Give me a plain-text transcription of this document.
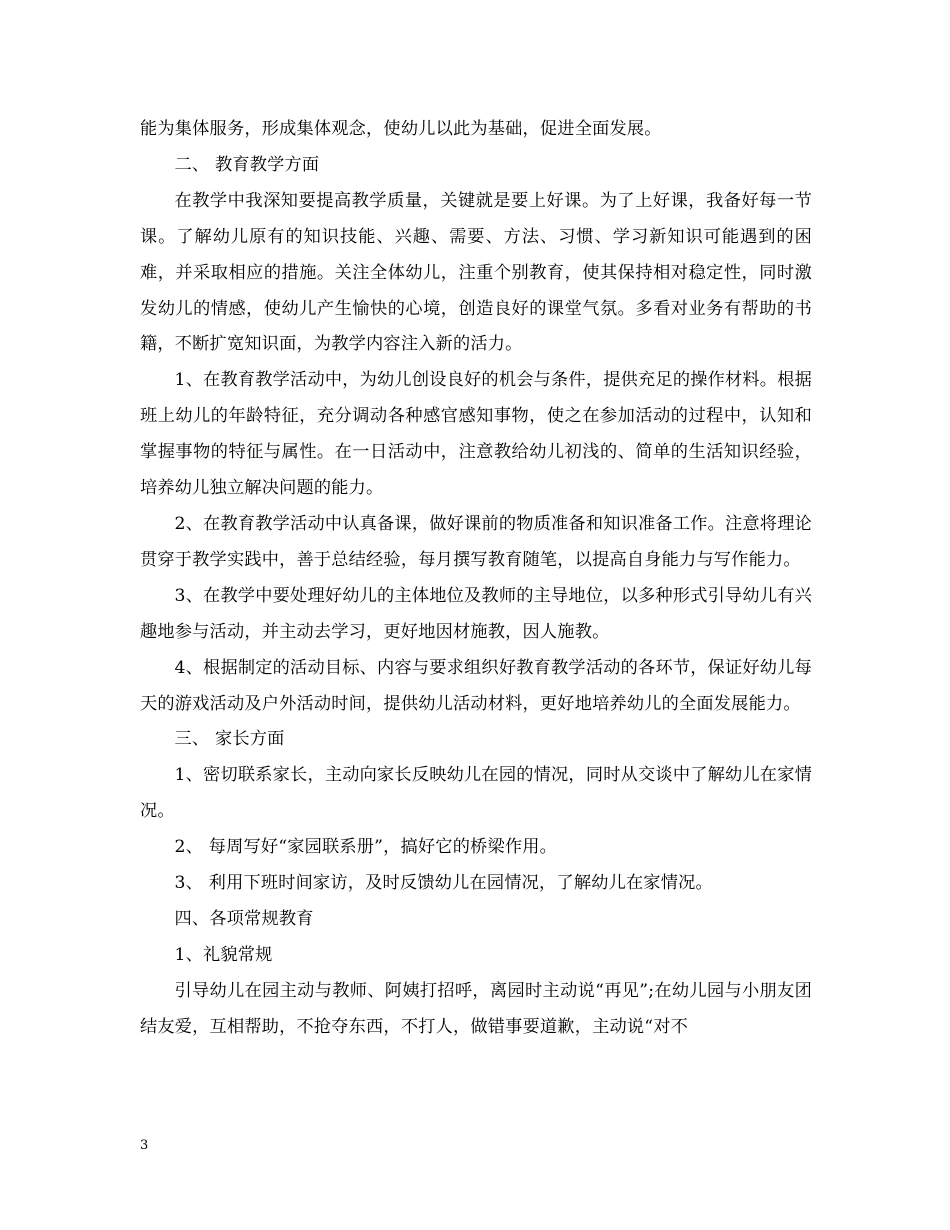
能为集体服务，形成集体观念，使幼儿以此为基础，促进全面发展。

二、 教育教学方面

在教学中我深知要提高教学质量，关键就是要上好课。为了上好课，我备好每一节课。了解幼儿原有的知识技能、兴趣、需要、方法、习惯、学习新知识可能遇到的困难，并采取相应的措施。关注全体幼儿，注重个别教育，使其保持相对稳定性，同时激发幼儿的情感，使幼儿产生愉快的心境，创造良好的课堂气氛。多看对业务有帮助的书籍，不断扩宽知识面，为教学内容注入新的活力。

1、在教育教学活动中，为幼儿创设良好的机会与条件，提供充足的操作材料。根据班上幼儿的年龄特征，充分调动各种感官感知事物，使之在参加活动的过程中，认知和掌握事物的特征与属性。在一日活动中，注意教给幼儿初浅的、简单的生活知识经验，培养幼儿独立解决问题的能力。

2、在教育教学活动中认真备课，做好课前的物质准备和知识准备工作。注意将理论贯穿于教学实践中，善于总结经验，每月撰写教育随笔，以提高自身能力与写作能力。

3、在教学中要处理好幼儿的主体地位及教师的主导地位，以多种形式引导幼儿有兴趣地参与活动，并主动去学习，更好地因材施教，因人施教。

4、根据制定的活动目标、内容与要求组织好教育教学活动的各环节，保证好幼儿每天的游戏活动及户外活动时间，提供幼儿活动材料，更好地培养幼儿的全面发展能力。

三、 家长方面

1、密切联系家长，主动向家长反映幼儿在园的情况，同时从交谈中了解幼儿在家情况。

2、 每周写好“家园联系册”，搞好它的桥梁作用。

3、 利用下班时间家访，及时反馈幼儿在园情况，了解幼儿在家情况。

四、各项常规教育

1、礼貌常规

引导幼儿在园主动与教师、阿姨打招呼，离园时主动说“再见”;在幼儿园与小朋友团结友爱，互相帮助，不抢夺东西，不打人，做错事要道歉，主动说“对不

3
